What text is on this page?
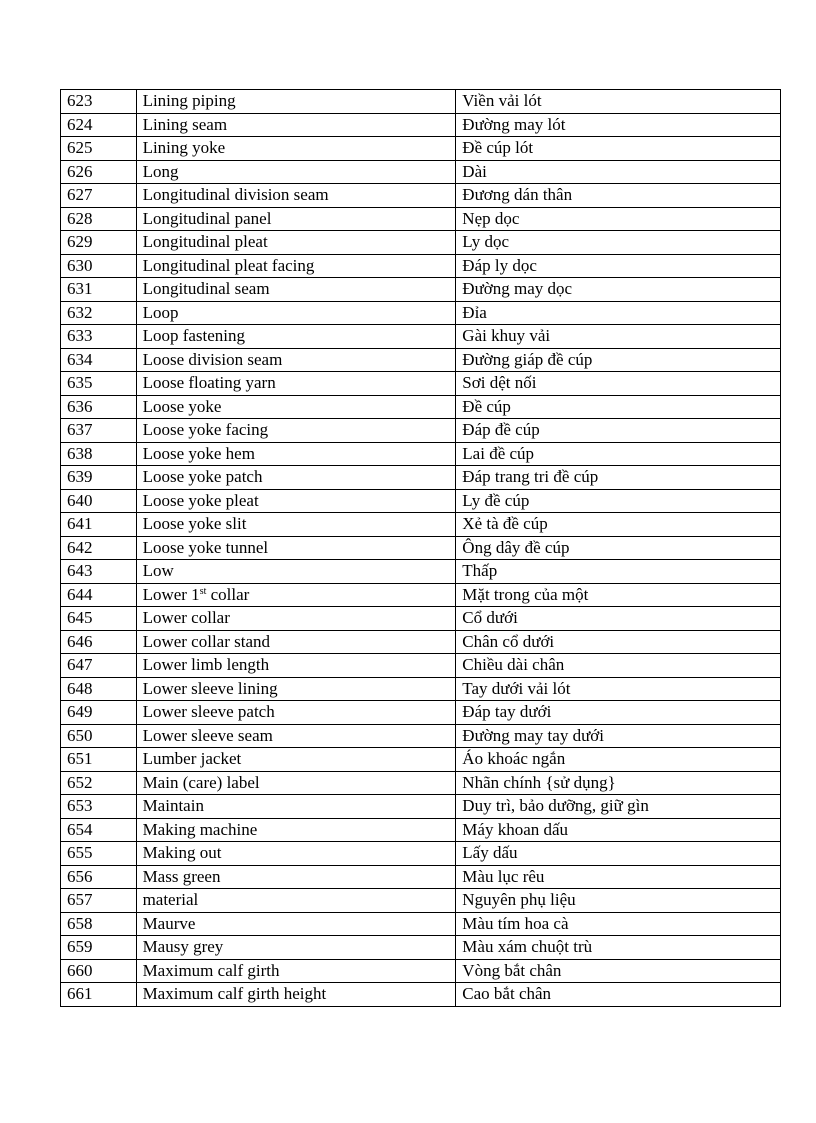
623	Lining piping	Viền vải lót
624	Lining seam	Đường may lót
625	Lining yoke	Đề cúp lót
626	Long	Dài
627	Longitudinal division seam	Đương dán thân
628	Longitudinal panel	Nẹp dọc
629	Longitudinal pleat	Ly dọc
630	Longitudinal pleat facing	Đáp ly dọc
631	Longitudinal seam	Đường may dọc
632	Loop	Đỉa
633	Loop fastening	Gài khuy vải
634	Loose division seam	Đường giáp đề cúp
635	Loose floating yarn	Sơi dệt nối
636	Loose yoke	Đề cúp
637	Loose yoke facing	Đáp đề cúp
638	Loose yoke hem	Lai đề cúp
639	Loose yoke patch	Đáp trang tri đề cúp
640	Loose yoke pleat	Ly đề cúp
641	Loose yoke slit	Xẻ tà đề cúp
642	Loose yoke tunnel	Ông dây đề cúp
643	Low	Thấp
644	Lower 1st collar	Mặt trong của một
645	Lower collar	Cổ dưới
646	Lower collar stand	Chân cổ dưới
647	Lower limb length	Chiều dài chân
648	Lower sleeve lining	Tay dưới vải lót
649	Lower sleeve patch	Đáp tay dưới
650	Lower sleeve seam	Đường may tay dưới
651	Lumber jacket	Áo khoác ngắn
652	Main (care) label	Nhãn chính {sử dụng}
653	Maintain	Duy trì, bảo dưỡng, giữ gìn
654	Making machine	Máy khoan dấu
655	Making out	Lấy dấu
656	Mass green	Màu lục rêu
657	material	Nguyên phụ liệu
658	Maurve	Màu tím hoa cà
659	Mausy grey	Màu xám chuột trù
660	Maximum calf girth	Vòng bắt chân
661	Maximum calf girth height	Cao bắt chân
